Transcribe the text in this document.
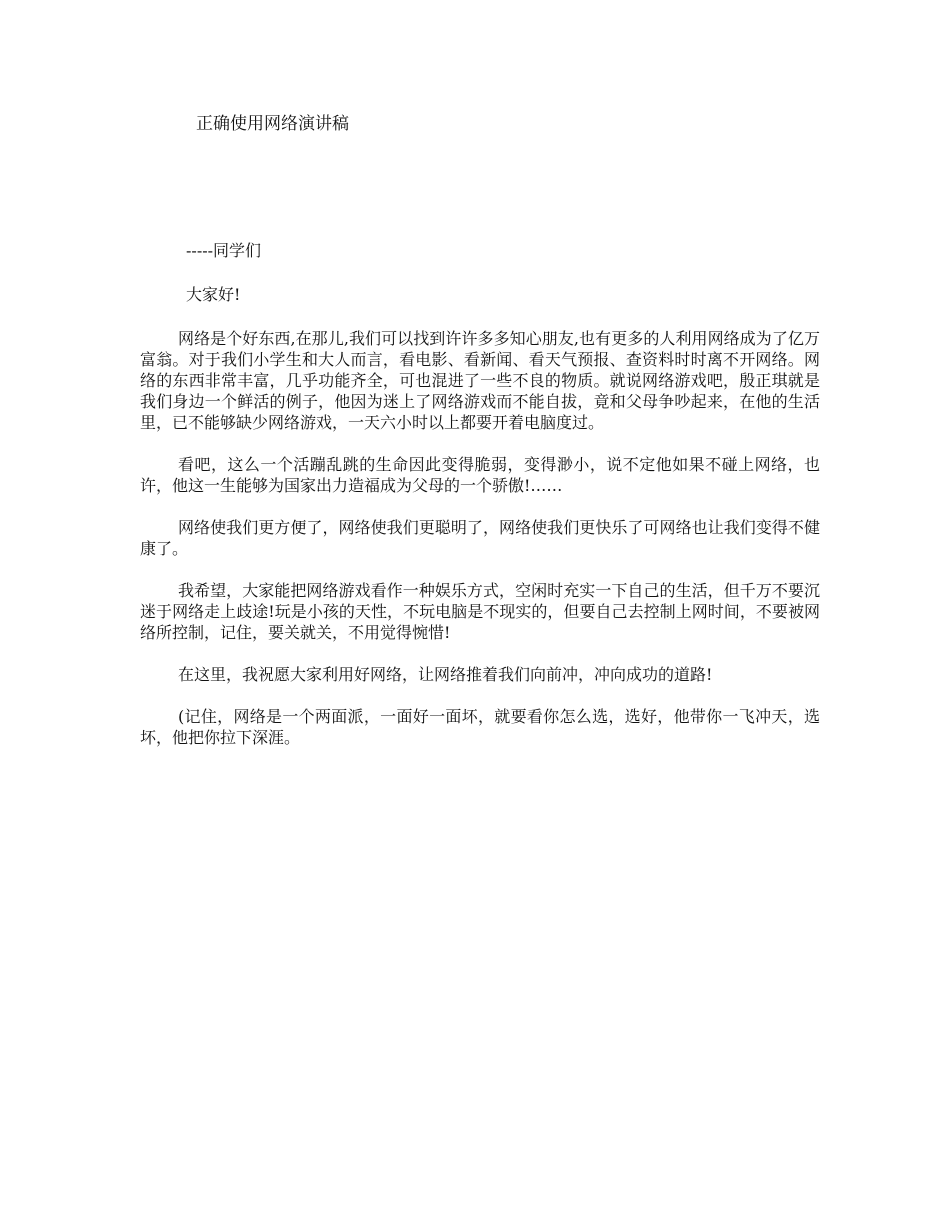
正确使用网络演讲稿
-----同学们
大家好!

网络是个好东西,在那儿,我们可以找到许许多多知心朋友,也有更多的人利用网络成为了亿万富翁。对于我们小学生和大人而言，看电影、看新闻、看天气预报、查资料时时离不开网络。网络的东西非常丰富，几乎功能齐全，可也混进了一些不良的物质。就说网络游戏吧，殷正琪就是我们身边一个鲜活的例子，他因为迷上了网络游戏而不能自拔，竟和父母争吵起来，在他的生活里，已不能够缺少网络游戏，一天六小时以上都要开着电脑度过。

看吧，这么一个活蹦乱跳的生命因此变得脆弱，变得渺小，说不定他如果不碰上网络，也许，他这一生能够为国家出力造福成为父母的一个骄傲!……

网络使我们更方便了，网络使我们更聪明了，网络使我们更快乐了可网络也让我们变得不健康了。

我希望，大家能把网络游戏看作一种娱乐方式，空闲时充实一下自己的生活，但千万不要沉迷于网络走上歧途!玩是小孩的天性，不玩电脑是不现实的，但要自己去控制上网时间，不要被网络所控制，记住，要关就关，不用觉得惋惜!

在这里，我祝愿大家利用好网络，让网络推着我们向前冲，冲向成功的道路!

(记住，网络是一个两面派，一面好一面坏，就要看你怎么选，选好，他带你一飞冲天，选坏，他把你拉下深涯。
